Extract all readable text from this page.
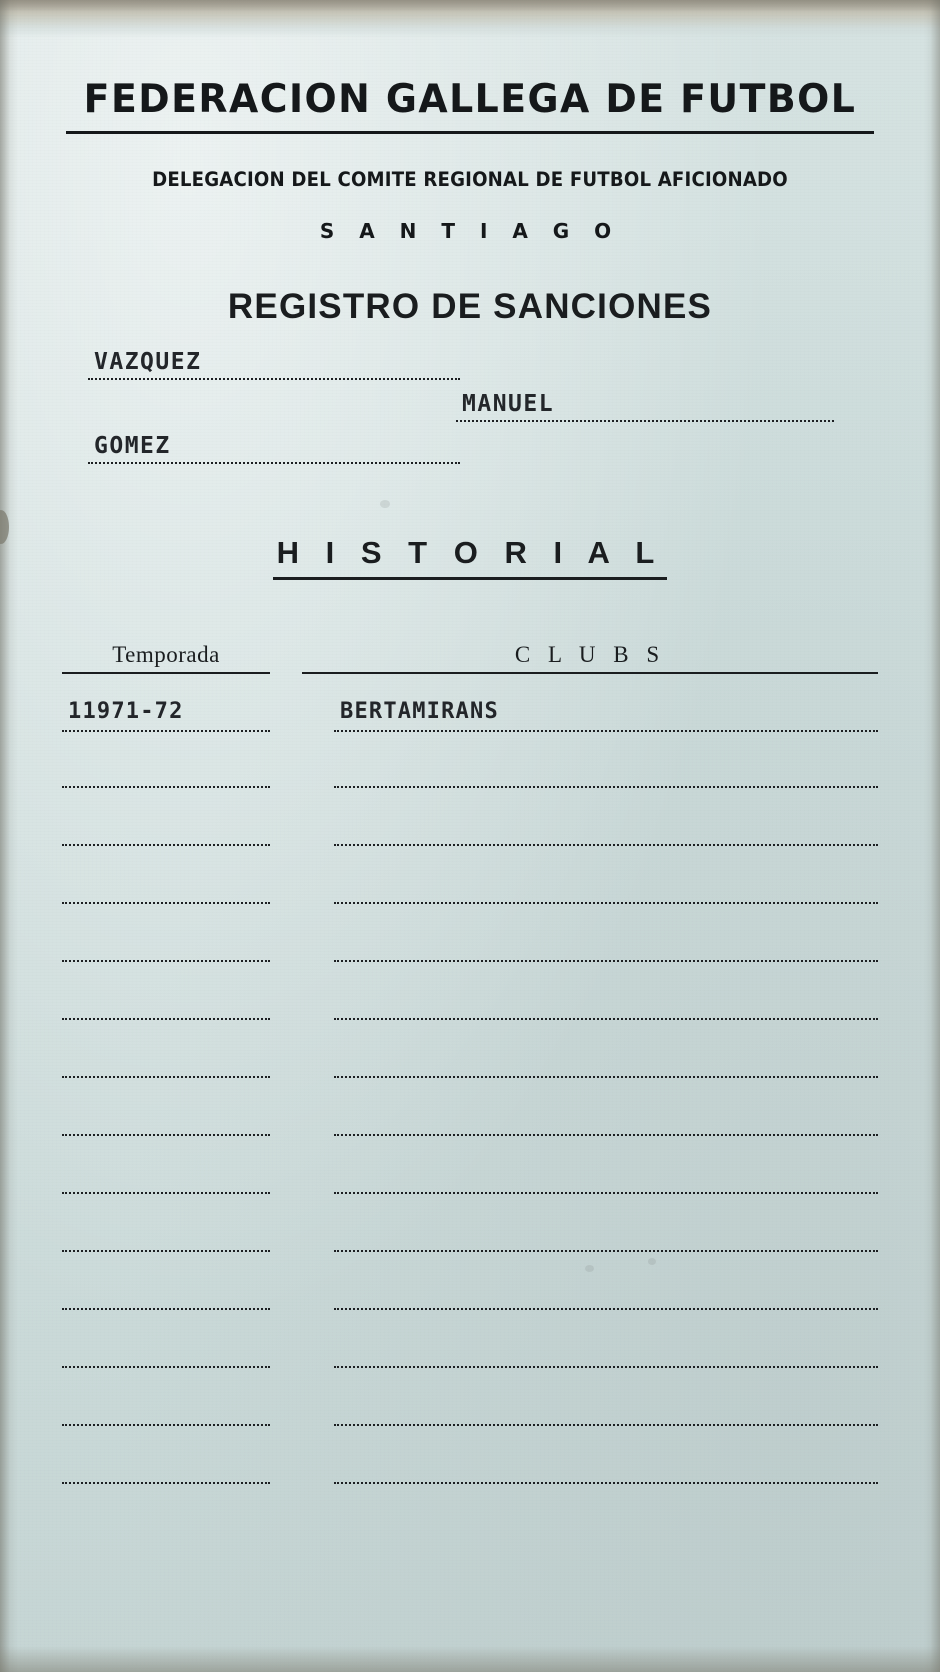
FEDERACION GALLEGA DE FUTBOL
DELEGACION DEL COMITE REGIONAL DE FUTBOL AFICIONADO
S A N T I A G O
REGISTRO DE SANCIONES
VAZQUEZ
MANUEL
GOMEZ
H I S T O R I A L
Temporada	C L U B S
11971-72	BERTAMIRANS
